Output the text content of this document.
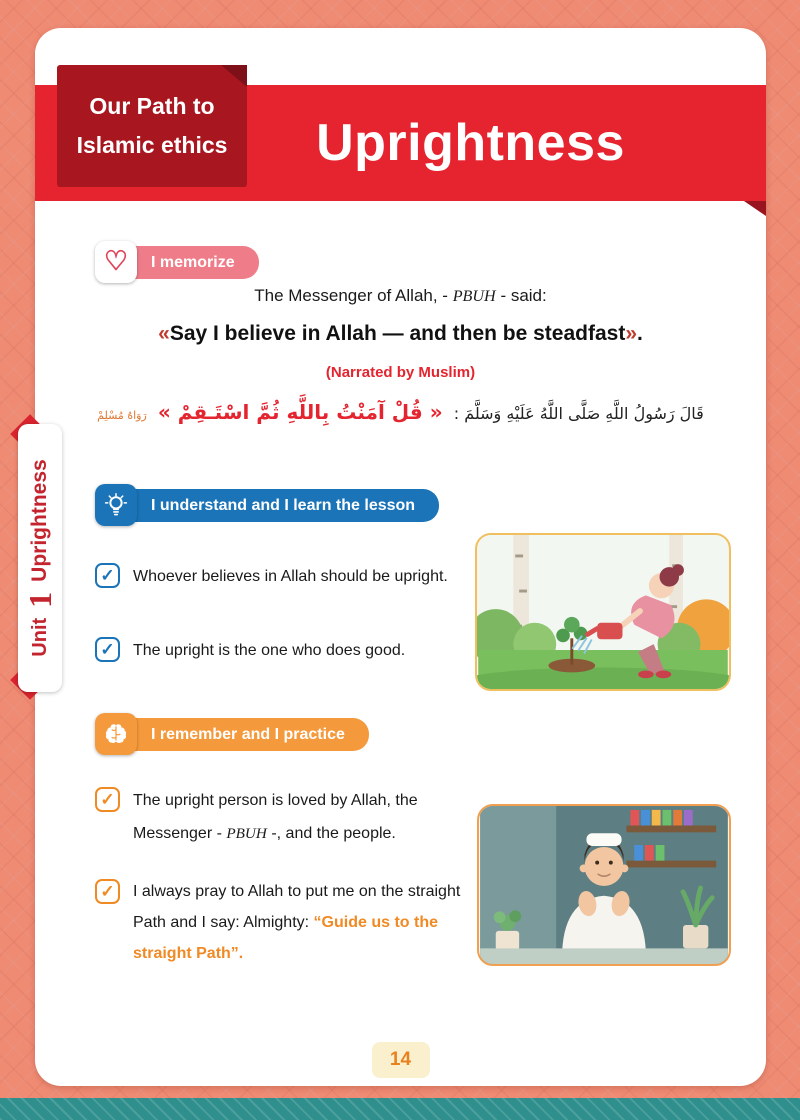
Uprightness
Our Path to
Islamic ethics
♡	I memorize
The Messenger of Allah, - PBUH - said:
«Say I believe in Allah — and then be steadfast».
(Narrated by Muslim)
قَالَ رَسُولُ اللَّهِ صَلَّى اللَّهُ عَلَيْهِ وَسَلَّمَ : « قُلْ آمَنْتُ بِاللَّهِ ثُمَّ اسْتَـقِمْ » رَوَاهُ مُسْلِمْ
I understand and I learn the lesson
✓ Whoever believes in Allah should be upright.
✓ The upright is the one who does good.
I remember and I practice
✓ The upright person is loved by Allah, the Messenger - PBUH -, and the people.
✓ I always pray to Allah to put me on the straight Path and I say: Almighty: “Guide us to the straight Path”.
14
Unit
1
Uprightness
